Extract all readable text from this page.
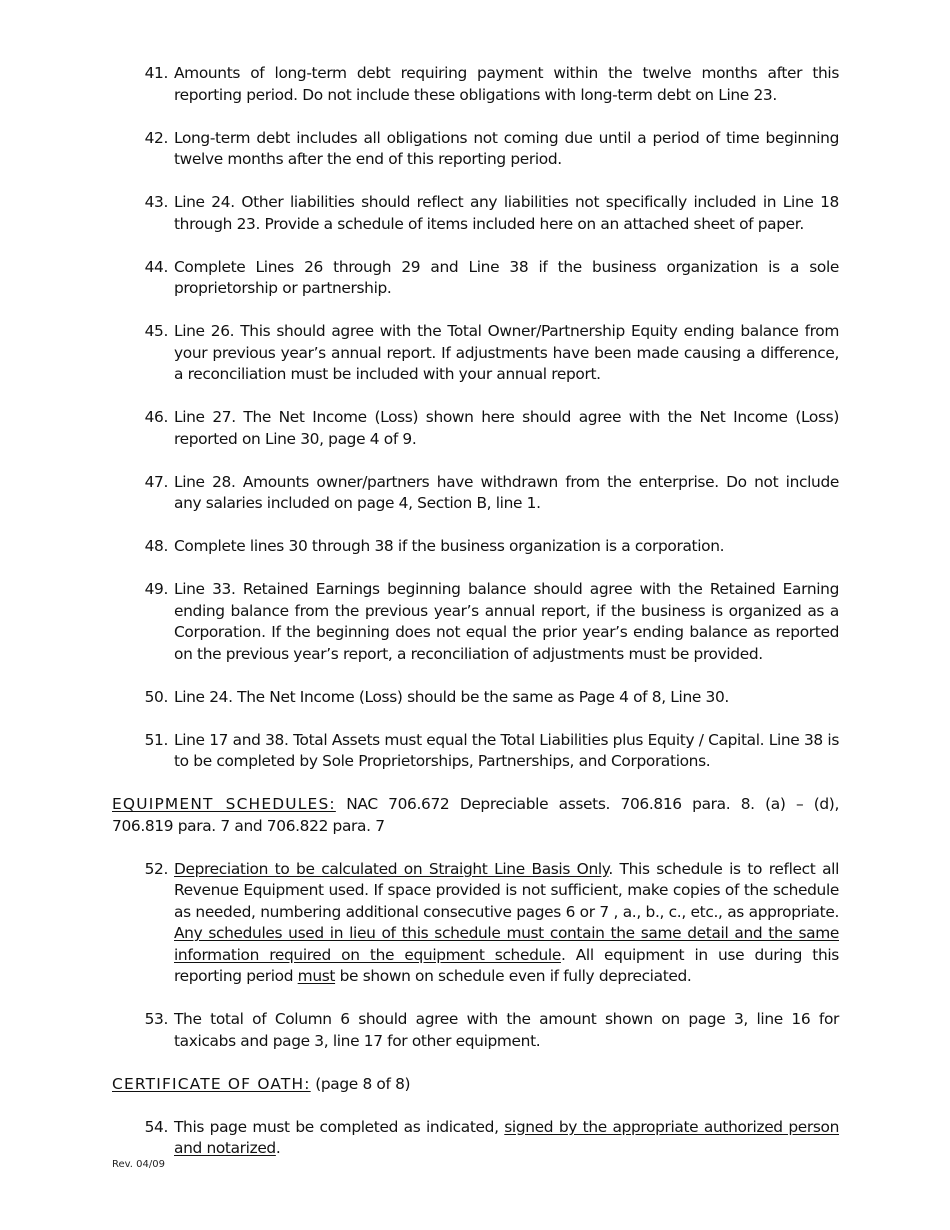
41. Amounts of long-term debt requiring payment within the twelve months after this reporting period. Do not include these obligations with long-term debt on Line 23.
42. Long-term debt includes all obligations not coming due until a period of time beginning twelve months after the end of this reporting period.
43. Line 24. Other liabilities should reflect any liabilities not specifically included in Line 18 through 23. Provide a schedule of items included here on an attached sheet of paper.
44. Complete Lines 26 through 29 and Line 38 if the business organization is a sole proprietorship or partnership.
45. Line 26. This should agree with the Total Owner/Partnership Equity ending balance from your previous year’s annual report. If adjustments have been made causing a difference, a reconciliation must be included with your annual report.
46. Line 27. The Net Income (Loss) shown here should agree with the Net Income (Loss) reported on Line 30, page 4 of 9.
47. Line 28. Amounts owner/partners have withdrawn from the enterprise. Do not include any salaries included on page 4, Section B, line 1.
48. Complete lines 30 through 38 if the business organization is a corporation.
49. Line 33. Retained Earnings beginning balance should agree with the Retained Earning ending balance from the previous year’s annual report, if the business is organized as a Corporation. If the beginning does not equal the prior year’s ending balance as reported on the previous year’s report, a reconciliation of adjustments must be provided.
50. Line 24. The Net Income (Loss) should be the same as Page 4 of 8, Line 30.
51. Line 17 and 38. Total Assets must equal the Total Liabilities plus Equity / Capital. Line 38 is to be completed by Sole Proprietorships, Partnerships, and Corporations.
EQUIPMENT SCHEDULES: NAC 706.672 Depreciable assets. 706.816 para. 8. (a) – (d), 706.819 para. 7 and 706.822 para. 7
52. Depreciation to be calculated on Straight Line Basis Only. This schedule is to reflect all Revenue Equipment used. If space provided is not sufficient, make copies of the schedule as needed, numbering additional consecutive pages 6 or 7 , a., b., c., etc., as appropriate. Any schedules used in lieu of this schedule must contain the same detail and the same information required on the equipment schedule. All equipment in use during this reporting period must be shown on schedule even if fully depreciated.
53. The total of Column 6 should agree with the amount shown on page 3, line 16 for taxicabs and page 3, line 17 for other equipment.
CERTIFICATE OF OATH: (page 8 of 8)
54. This page must be completed as indicated, signed by the appropriate authorized person and notarized.
Rev. 04/09
